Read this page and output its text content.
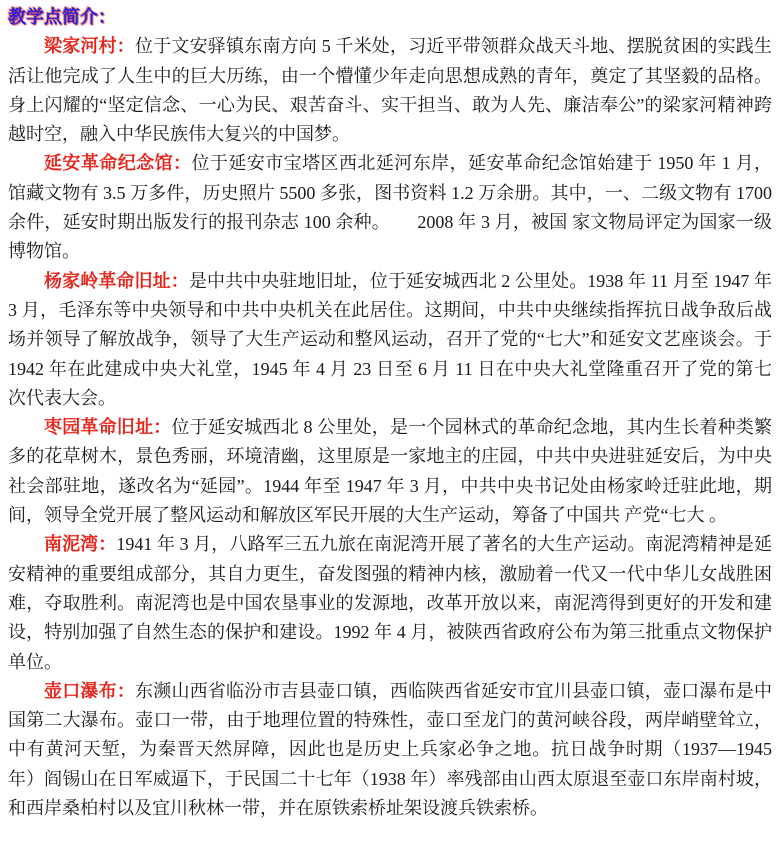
教学点简介：

梁家河村：位于文安驿镇东南方向 5 千米处，习近平带领群众战天斗地、摆脱贫困的实践生活让他完成了人生中的巨大历练，由一个懵懂少年走向思想成熟的青年，奠定了其坚毅的品格。身上闪耀的“坚定信念、一心为民、艰苦奋斗、实干担当、敢为人先、廉洁奉公”的梁家河精神跨越时空，融入中华民族伟大复兴的中国梦。

延安革命纪念馆：位于延安市宝塔区西北延河东岸，延安革命纪念馆始建于 1950 年 1 月，馆藏文物有 3.5 万多件，历史照片 5500 多张，图书资料 1.2 万余册。其中，一、二级文物有 1700 余件，延安时期出版发行的报刊杂志 100 余种。　　2008 年 3 月，被国 家文物局评定为国家一级博物馆。

杨家岭革命旧址：是中共中央驻地旧址，位于延安城西北 2 公里处。1938 年 11 月至 1947 年 3 月，毛泽东等中央领导和中共中央机关在此居住。这期间，中共中央继续指挥抗日战争敌后战场并领导了解放战争，领导了大生产运动和整风运动，召开了党的“七大”和延安文艺座谈会。于 1942 年在此建成中央大礼堂，1945 年 4 月 23 日至 6 月 11 日在中央大礼堂隆重召开了党的第七次代表大会。

枣园革命旧址：位于延安城西北 8 公里处，是一个园林式的革命纪念地，其内生长着种类繁多的花草树木，景色秀丽，环境清幽，这里原是一家地主的庄园，中共中央进驻延安后，为中央社会部驻地，遂改名为“延园”。1944 年至 1947 年 3 月，中共中央书记处由杨家岭迁驻此地，期间，领导全党开展了整风运动和解放区军民开展的大生产运动，筹备了中国共 产党“七大 。

南泥湾：1941 年 3 月，八路军三五九旅在南泥湾开展了著名的大生产运动。南泥湾精神是延安精神的重要组成部分，其自力更生，奋发图强的精神内核，激励着一代又一代中华儿女战胜困难，夺取胜利。南泥湾也是中国农垦事业的发源地，改革开放以来，南泥湾得到更好的开发和建设，特别加强了自然生态的保护和建设。1992 年 4 月，被陕西省政府公布为第三批重点文物保护单位。

壶口瀑布：东濒山西省临汾市吉县壶口镇，西临陕西省延安市宜川县壶口镇，壶口瀑布是中国第二大瀑布。壶口一带，由于地理位置的特殊性，壶口至龙门的黄河峡谷段，两岸峭壁耸立，中有黄河天堑，为秦晋天然屏障，因此也是历史上兵家必争之地。抗日战争时期（1937—1945 年）阎锡山在日军威逼下，于民国二十七年（1938 年）率残部由山西太原退至壶口东岸南村坡，和西岸桑柏村以及宜川秋林一带，并在原铁索桥址架设渡兵铁索桥。
